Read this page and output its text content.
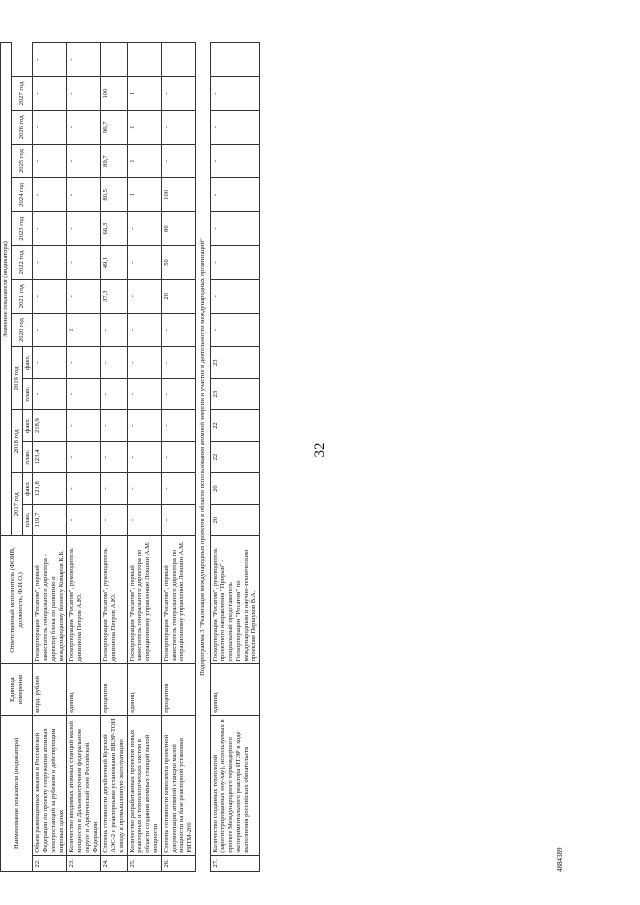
32
4884389
Наименование показателя (индикатора)		Единица измерения	Ответственный исполнитель (ФОИВ, должность, Ф.И.О.)	Значение показателя (индикатора)														
				2017 год		2018 год		2019 год		2020 год	2021 год	2022 год	2023 год	2024 год	2025 год	2026 год	2027 год	
				план.	факт.	план.	факт.	план.	факт.									
22.	Объем размещенных заказов в Российской Федерации по проекту сооружения атомных электростанций за рубежом и действующим мировых ценах	млрд. рублей	Госкорпорация "Росатом", первый заместитель генерального директора - директор блока по развитию и международному бизнесу Комаров К.Б.	119,7	121,8	123,4	218,9	-	-	-	-	-	-	-	-	-	-	-
23.	Количество вводимых атомных станций малой мощности в Дальневосточном федеральном округе и Арктической зоне Российской Федерации	единиц	Госкорпорация "Росатом", руководитель дивизиона Петров А.Ю.	-	-	-	-	-	-	1	-	-	-	-	-	-	-	-
24.	Степень готовности двухблочной Курской АЭС-2 с реакторными установками ВВЭР-ТОИ к вводу в промышленную эксплуатацию	процентов	Госкорпорация "Росатом", руководитель дивизиона Петров А.Ю.	-	-	-	-	-	-	-	37,3	49,1	66,3	80,5	89,7	96,7	100	
25.	Количество разработанных проектов новых реакторных и технологических систем в области создания атомных станций малой мощности	единиц	Госкорпорация "Росатом", первый заместитель генерального директора по операционному управлению Локшин А.М.	-	-	-	-	-	-	-	-	-	-	1	1	1	1	
26.	Степень готовности комплекта проектной документации атомной станции малой мощности на базе реакторной установки РИТМ-200	процентов	Госкорпорация "Росатом", первый заместитель генерального директора по операционному управлению Локшин А.М.	-	-	-	-	-	-	-	20	50	80	100	-	-	-	
Подпрограмма 3 "Реализация международных проектов в области использования атомной энергии и участие в деятельности международных организаций"																		
27.	Количество созданных технологий (зарегистрированных ноу-хау), используемых в проекте Международного термоядерного экспериментального реактора ИТЭР в ходе выполнения российских обязательств	единиц	Госкорпорация "Росатом", руководитель проектного направления "Прорыв" - специальный представитель Госкорпорации "Росатом" по международным и научно-техническим проектам Першуков В.А.	20	20	22	22	23	23	-	-	-	-	-	-	-	-	
